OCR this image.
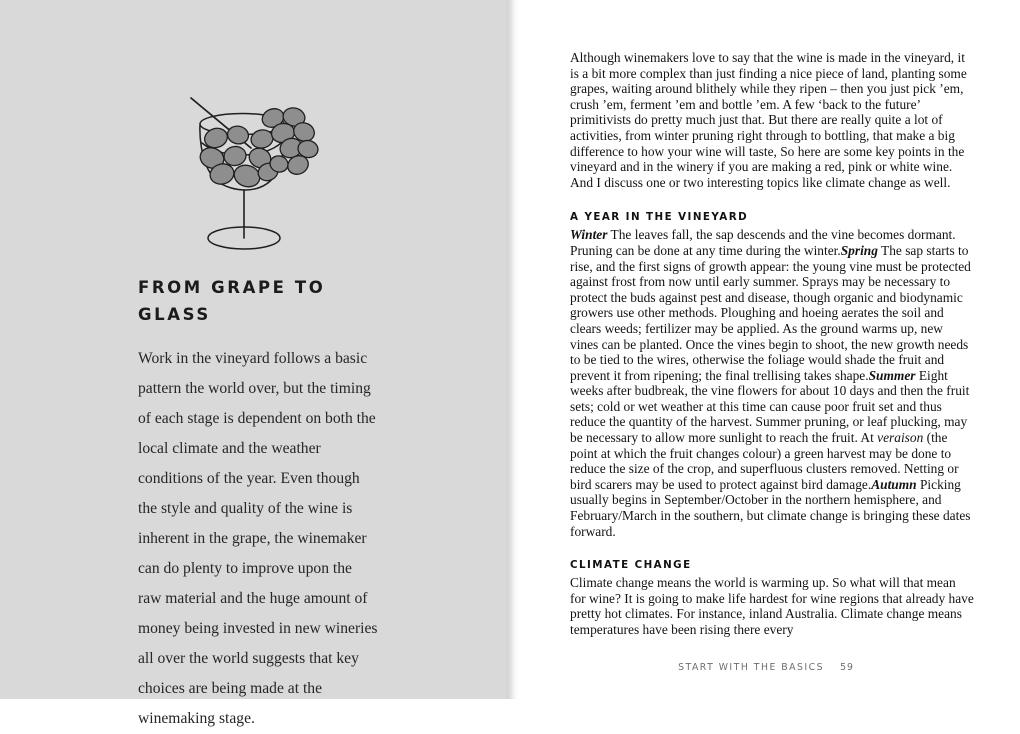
FROM GRAPE TO GLASS

Work in the vineyard follows a basic pattern the world over, but the timing of each stage is dependent on both the local climate and the weather conditions of the year. Even though the style and quality of the wine is inherent in the grape, the winemaker can do plenty to improve upon the raw material and the huge amount of money being invested in new wineries all over the world suggests that key choices are being made at the winemaking stage.

Although winemakers love to say that the wine is made in the vineyard, it is a bit more complex than just finding a nice piece of land, planting some grapes, waiting around blithely while they ripen – then you just pick ’em, crush ’em, ferment ’em and bottle ’em. A few ‘back to the future’ primitivists do pretty much just that. But there are really quite a lot of activities, from winter pruning right through to bottling, that make a big difference to how your wine will taste, So here are some key points in the vineyard and in the winery if you are making a red, pink or white wine. And I discuss one or two interesting topics like climate change as well.

A YEAR IN THE VINEYARD

Winter The leaves fall, the sap descends and the vine becomes dormant. Pruning can be done at any time during the winter.Spring The sap starts to rise, and the first signs of growth appear: the young vine must be protected against frost from now until early summer. Sprays may be necessary to protect the buds against pest and disease, though organic and biodynamic growers use other methods. Ploughing and hoeing aerates the soil and clears weeds; fertilizer may be applied. As the ground warms up, new vines can be planted. Once the vines begin to shoot, the new growth needs to be tied to the wires, otherwise the foliage would shade the fruit and prevent it from ripening; the final trellising takes shape.Summer Eight weeks after budbreak, the vine flowers for about 10 days and then the fruit sets; cold or wet weather at this time can cause poor fruit set and thus reduce the quantity of the harvest. Summer pruning, or leaf plucking, may be necessary to allow more sunlight to reach the fruit. At veraison (the point at which the fruit changes colour) a green harvest may be done to reduce the size of the crop, and superfluous clusters removed. Netting or bird scarers may be used to protect against bird damage.Autumn Picking usually begins in September/October in the northern hemisphere, and February/March in the southern, but climate change is bringing these dates forward.

CLIMATE CHANGE

Climate change means the world is warming up. So what will that mean for wine? It is going to make life hardest for wine regions that already have pretty hot climates. For instance, inland Australia. Climate change means temperatures have been rising there every

START WITH THE BASICS 59
